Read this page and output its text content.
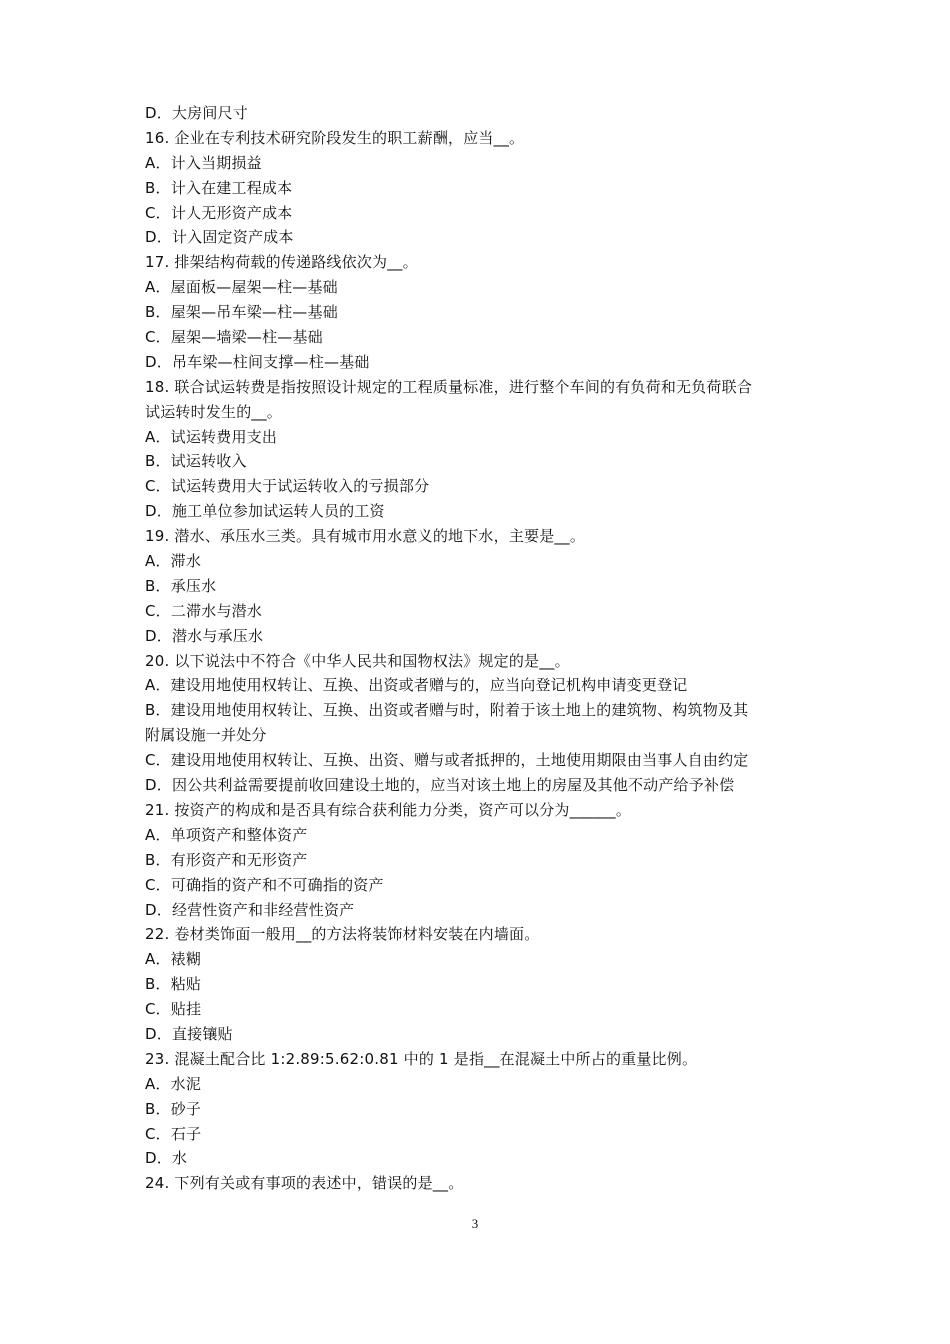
D．大房间尺寸
16. 企业在专利技术研究阶段发生的职工薪酬，应当__。
A．计入当期损益
B．计入在建工程成本
C．计人无形资产成本
D．计入固定资产成本
17. 排架结构荷载的传递路线依次为__。
A．屋面板—屋架—柱—基础
B．屋架—吊车梁—柱—基础
C．屋架—墙梁—柱—基础
D．吊车梁—柱间支撑—柱—基础
18. 联合试运转费是指按照设计规定的工程质量标准，进行整个车间的有负荷和无负荷联合
试运转时发生的__。
A．试运转费用支出
B．试运转收入
C．试运转费用大于试运转收入的亏损部分
D．施工单位参加试运转人员的工资
19. 潜水、承压水三类。具有城市用水意义的地下水，主要是__。
A．滞水
B．承压水
C．二滞水与潜水
D．潜水与承压水
20. 以下说法中不符合《中华人民共和国物权法》规定的是__。
A．建设用地使用权转让、互换、出资或者赠与的，应当向登记机构申请变更登记
B．建设用地使用权转让、互换、出资或者赠与时，附着于该土地上的建筑物、构筑物及其
附属设施一并处分
C．建设用地使用权转让、互换、出资、赠与或者抵押的，土地使用期限由当事人自由约定
D．因公共利益需要提前收回建设土地的，应当对该土地上的房屋及其他不动产给予补偿
21. 按资产的构成和是否具有综合获利能力分类，资产可以分为______。
A．单项资产和整体资产
B．有形资产和无形资产
C．可确指的资产和不可确指的资产
D．经营性资产和非经营性资产
22. 卷材类饰面一般用__的方法将装饰材料安装在内墙面。
A．裱糊
B．粘贴
C．贴挂
D．直接镶贴
23. 混凝土配合比 1:2.89:5.62:0.81 中的 1 是指__在混凝土中所占的重量比例。
A．水泥
B．砂子
C．石子
D．水
24. 下列有关或有事项的表述中，错误的是__。
3
